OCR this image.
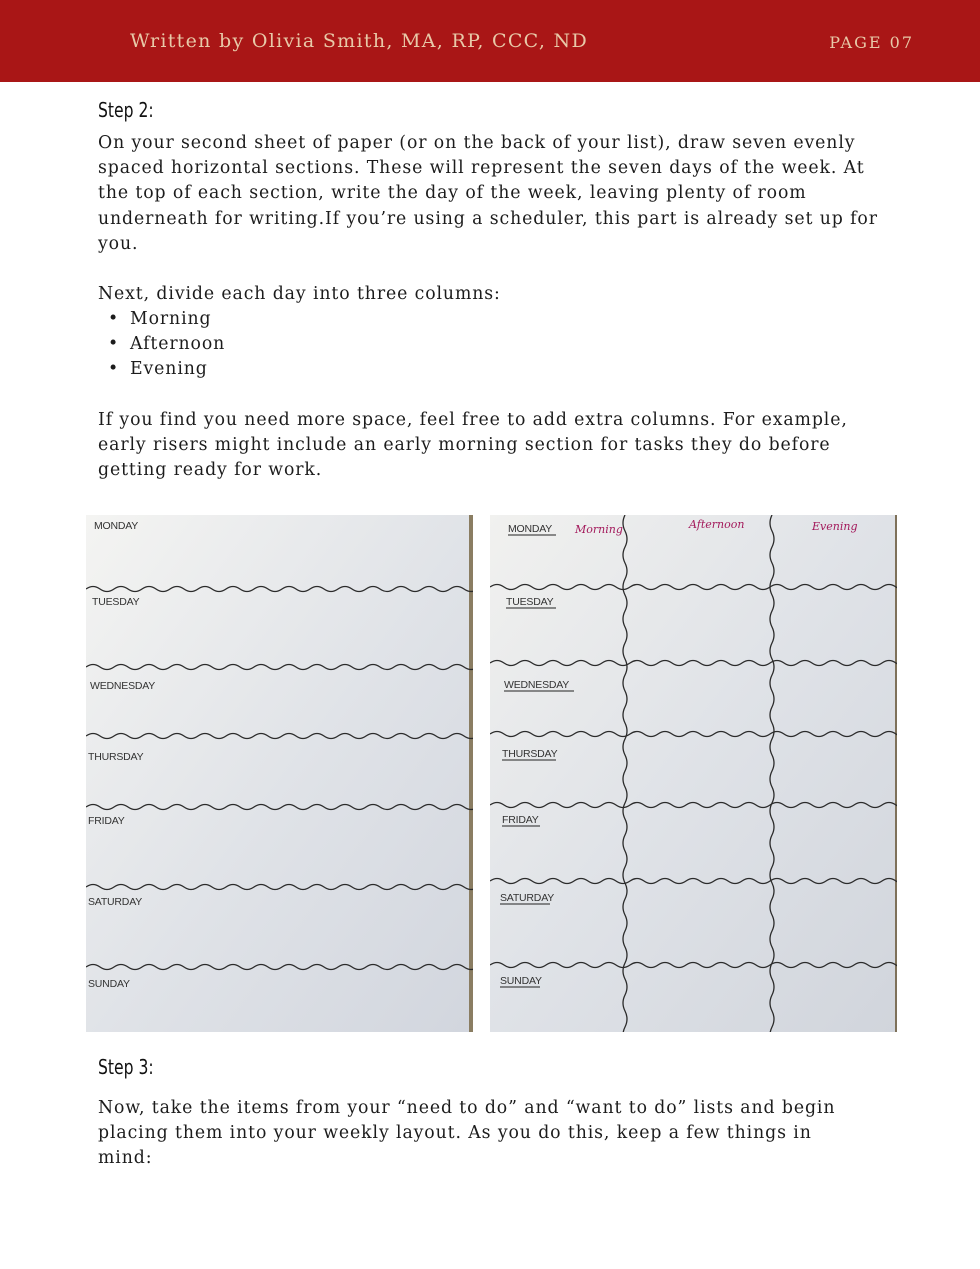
Written by Olivia Smith, MA, RP, CCC, ND	PAGE 07
Step 2:

On your second sheet of paper (or on the back of your list), draw seven evenly spaced horizontal sections. These will represent the seven days of the week. At the top of each section, write the day of the week, leaving plenty of room underneath for writing.If you’re using a scheduler, this part is already set up for you.

Next, divide each day into three columns:

• Morning
• Afternoon
• Evening

If you find you need more space, feel free to add extra columns. For example, early risers might include an early morning section for tasks they do before getting ready for work.

MONDAY
TUESDAY
WEDNESDAY
THURSDAY
FRIDAY
SATURDAY
SUNDAY
MONDAY
TUESDAY
WEDNESDAY
THURSDAY
FRIDAY
SATURDAY
SUNDAY
Morning	Afternoon	Evening
Step 3:

Now, take the items from your “need to do” and “want to do” lists and begin placing them into your weekly layout. As you do this, keep a few things in mind:
